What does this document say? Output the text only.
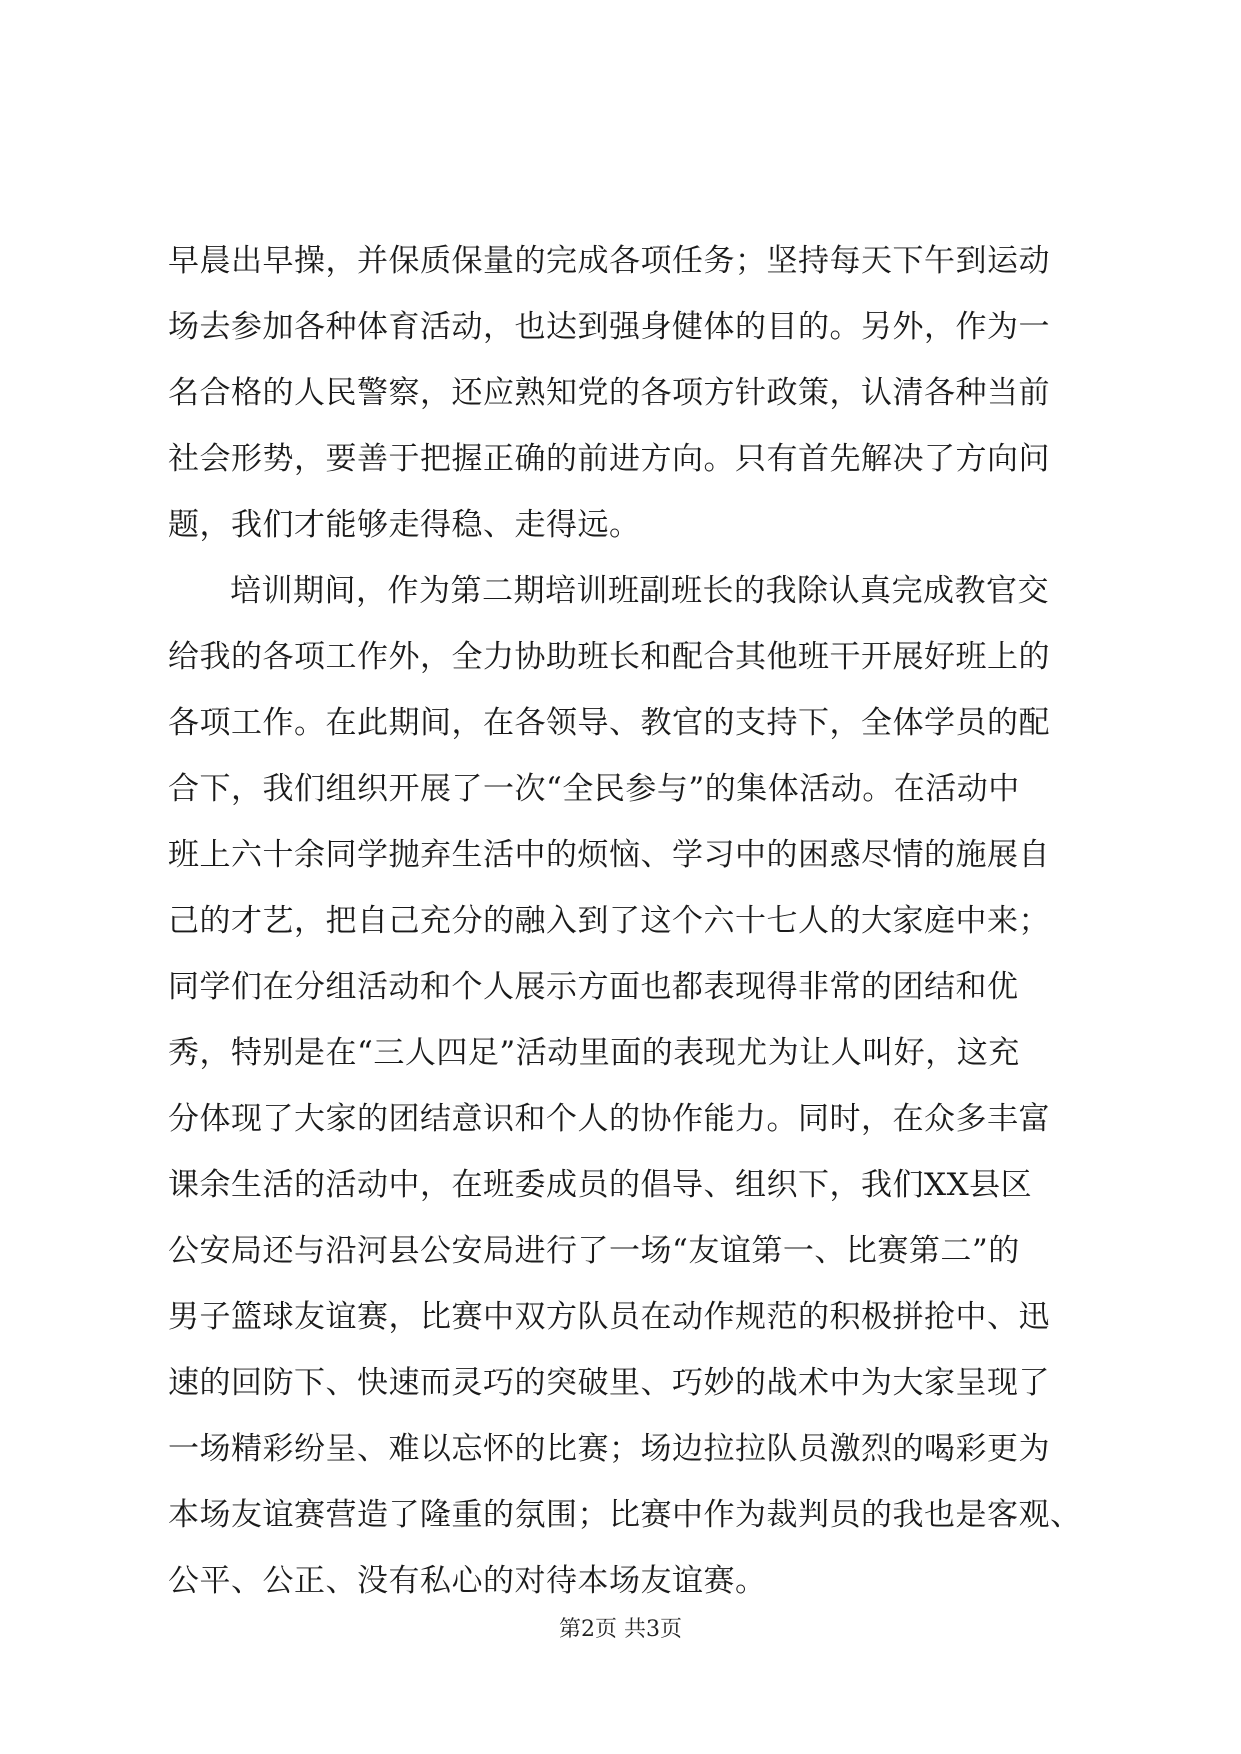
早晨出早操，并保质保量的完成各项任务；坚持每天下午到运动
场去参加各种体育活动，也达到强身健体的目的。另外，作为一
名合格的人民警察，还应熟知党的各项方针政策，认清各种当前
社会形势，要善于把握正确的前进方向。只有首先解决了方向问
题，我们才能够走得稳、走得远。
培训期间，作为第二期培训班副班长的我除认真完成教官交
给我的各项工作外，全力协助班长和配合其他班干开展好班上的
各项工作。在此期间，在各领导、教官的支持下，全体学员的配
合下，我们组织开展了一次“全民参与”的集体活动。在活动中
班上六十余同学抛弃生活中的烦恼、学习中的困惑尽情的施展自
己的才艺，把自己充分的融入到了这个六十七人的大家庭中来；
同学们在分组活动和个人展示方面也都表现得非常的团结和优
秀，特别是在“三人四足”活动里面的表现尤为让人叫好，这充
分体现了大家的团结意识和个人的协作能力。同时，在众多丰富
课余生活的活动中，在班委成员的倡导、组织下，我们XX县区
公安局还与沿河县公安局进行了一场“友谊第一、比赛第二”的
男子篮球友谊赛，比赛中双方队员在动作规范的积极拼抢中、迅
速的回防下、快速而灵巧的突破里、巧妙的战术中为大家呈现了
一场精彩纷呈、难以忘怀的比赛；场边拉拉队员激烈的喝彩更为
本场友谊赛营造了隆重的氛围；比赛中作为裁判员的我也是客观、
公平、公正、没有私心的对待本场友谊赛。
第2页 共3页
